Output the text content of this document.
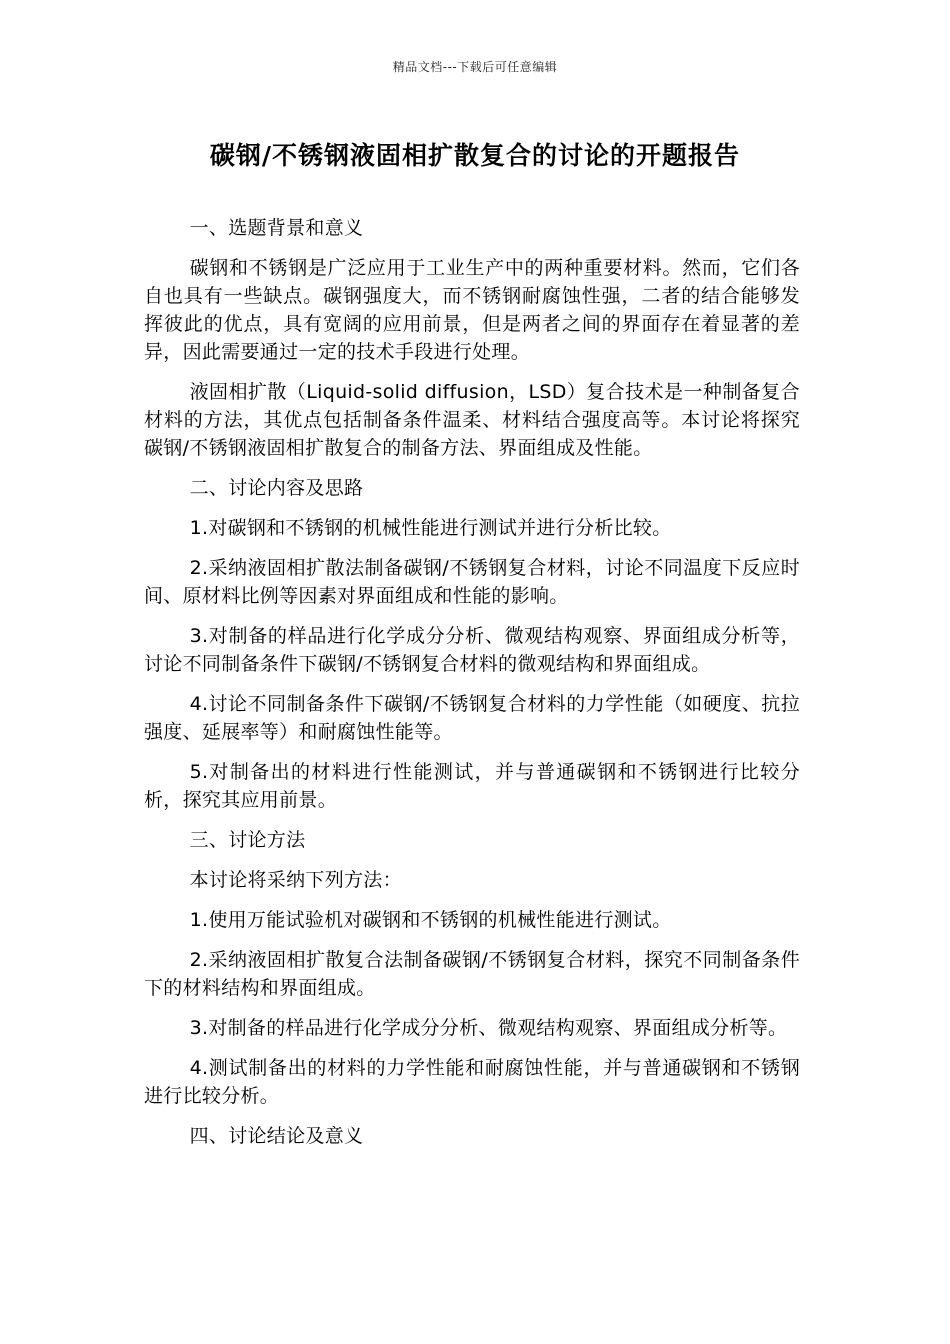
精品文档---下载后可任意编辑
碳钢/不锈钢液固相扩散复合的讨论的开题报告

一、选题背景和意义

碳钢和不锈钢是广泛应用于工业生产中的两种重要材料。然而，它们各自也具有一些缺点。碳钢强度大，而不锈钢耐腐蚀性强，二者的结合能够发挥彼此的优点，具有宽阔的应用前景，但是两者之间的界面存在着显著的差异，因此需要通过一定的技术手段进行处理。

液固相扩散（Liquid-solid diffusion，LSD）复合技术是一种制备复合材料的方法，其优点包括制备条件温柔、材料结合强度高等。本讨论将探究碳钢/不锈钢液固相扩散复合的制备方法、界面组成及性能。

二、讨论内容及思路

1.对碳钢和不锈钢的机械性能进行测试并进行分析比较。

2.采纳液固相扩散法制备碳钢/不锈钢复合材料，讨论不同温度下反应时间、原材料比例等因素对界面组成和性能的影响。

3.对制备的样品进行化学成分分析、微观结构观察、界面组成分析等，讨论不同制备条件下碳钢/不锈钢复合材料的微观结构和界面组成。

4.讨论不同制备条件下碳钢/不锈钢复合材料的力学性能（如硬度、抗拉强度、延展率等）和耐腐蚀性能等。

5.对制备出的材料进行性能测试，并与普通碳钢和不锈钢进行比较分析，探究其应用前景。

三、讨论方法

本讨论将采纳下列方法：

1.使用万能试验机对碳钢和不锈钢的机械性能进行测试。

2.采纳液固相扩散复合法制备碳钢/不锈钢复合材料，探究不同制备条件下的材料结构和界面组成。

3.对制备的样品进行化学成分分析、微观结构观察、界面组成分析等。

4.测试制备出的材料的力学性能和耐腐蚀性能，并与普通碳钢和不锈钢进行比较分析。

四、讨论结论及意义
